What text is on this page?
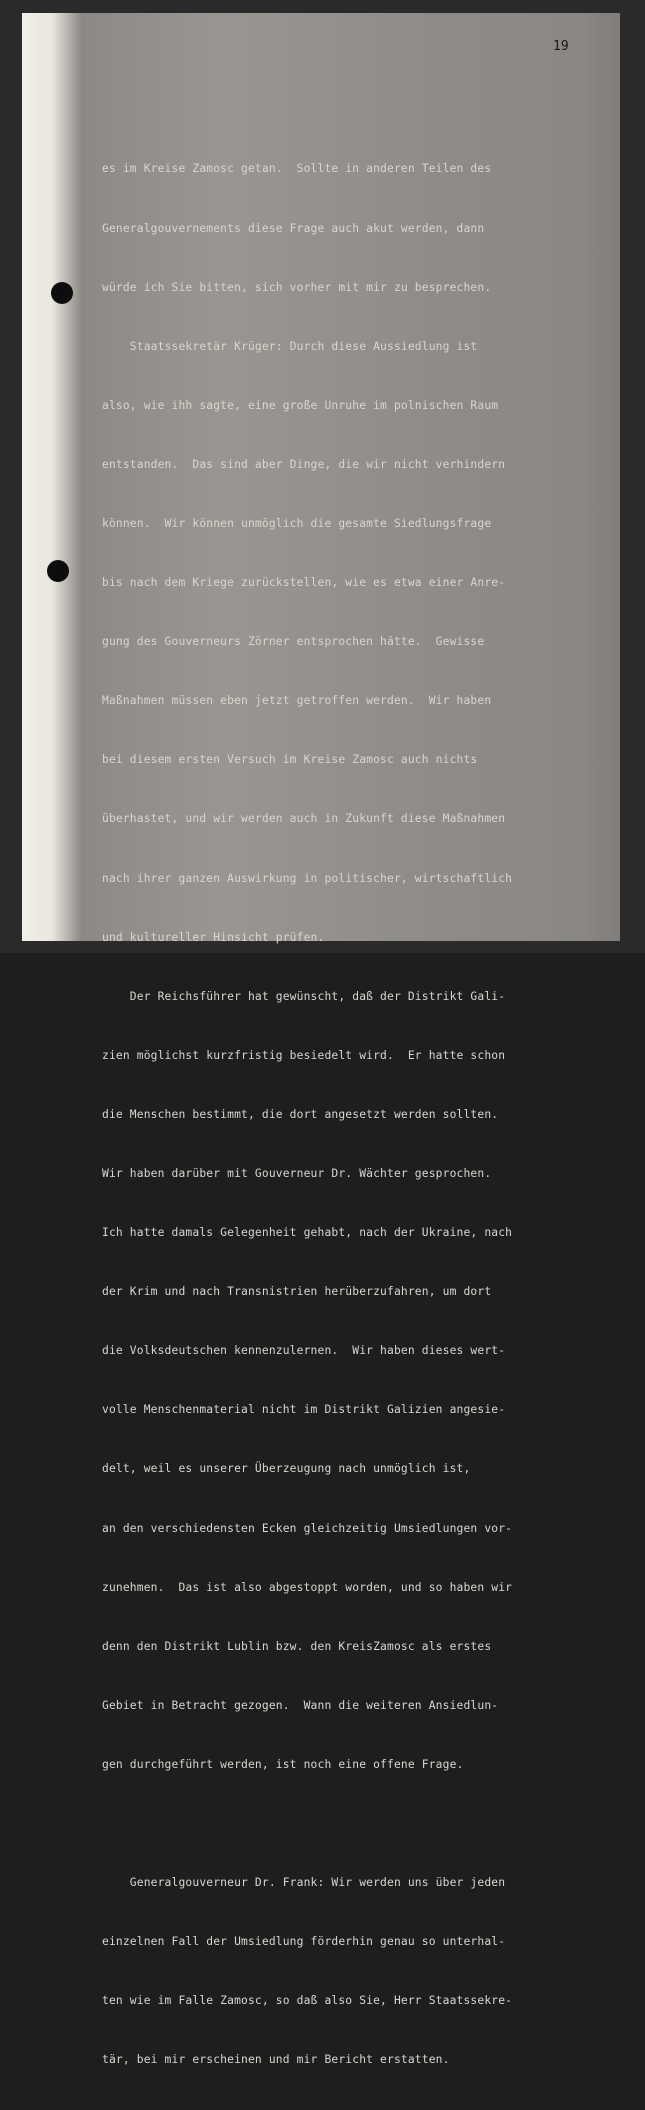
19

es im Kreise Zamosc getan.  Sollte in anderen Teilen des

Generalgouvernements diese Frage auch akut werden, dann

würde ich Sie bitten, sich vorher mit mir zu besprechen.

Staatssekretär Krüger: Durch diese Aussiedlung ist

also, wie ihh sagte, eine große Unruhe im polnischen Raum

entstanden.  Das sind aber Dinge, die wir nicht verhindern

können.  Wir können unmöglich die gesamte Siedlungsfrage

bis nach dem Kriege zurückstellen, wie es etwa einer Anre-

gung des Gouverneurs Zörner entsprochen hätte.  Gewisse

Maßnahmen müssen eben jetzt getroffen werden.  Wir haben

bei diesem ersten Versuch im Kreise Zamosc auch nichts

überhastet, und wir werden auch in Zukunft diese Maßnahmen

nach ihrer ganzen Auswirkung in politischer, wirtschaftlich

und kultureller Hinsicht prüfen.

Der Reichsführer hat gewünscht, daß der Distrikt Gali-

zien möglichst kurzfristig besiedelt wird.  Er hatte schon

die Menschen bestimmt, die dort angesetzt werden sollten.

Wir haben darüber mit Gouverneur Dr. Wächter gesprochen.

Ich hatte damals Gelegenheit gehabt, nach der Ukraine, nach

der Krim und nach Transnistrien herüberzufahren, um dort

die Volksdeutschen kennenzulernen.  Wir haben dieses wert-

volle Menschenmaterial nicht im Distrikt Galizien angesie-

delt, weil es unserer Überzeugung nach unmöglich ist,

an den verschiedensten Ecken gleichzeitig Umsiedlungen vor-

zunehmen.  Das ist also abgestoppt worden, und so haben wir

denn den Distrikt Lublin bzw. den KreisZamosc als erstes

Gebiet in Betracht gezogen.  Wann die weiteren Ansiedlun-

gen durchgeführt werden, ist noch eine offene Frage.

Generalgouverneur Dr. Frank: Wir werden uns über jeden

einzelnen Fall der Umsiedlung förderhin genau so unterhal-

ten wie im Falle Zamosc, so daß also Sie, Herr Staatssekre-

tär, bei mir erscheinen und mir Bericht erstatten.
